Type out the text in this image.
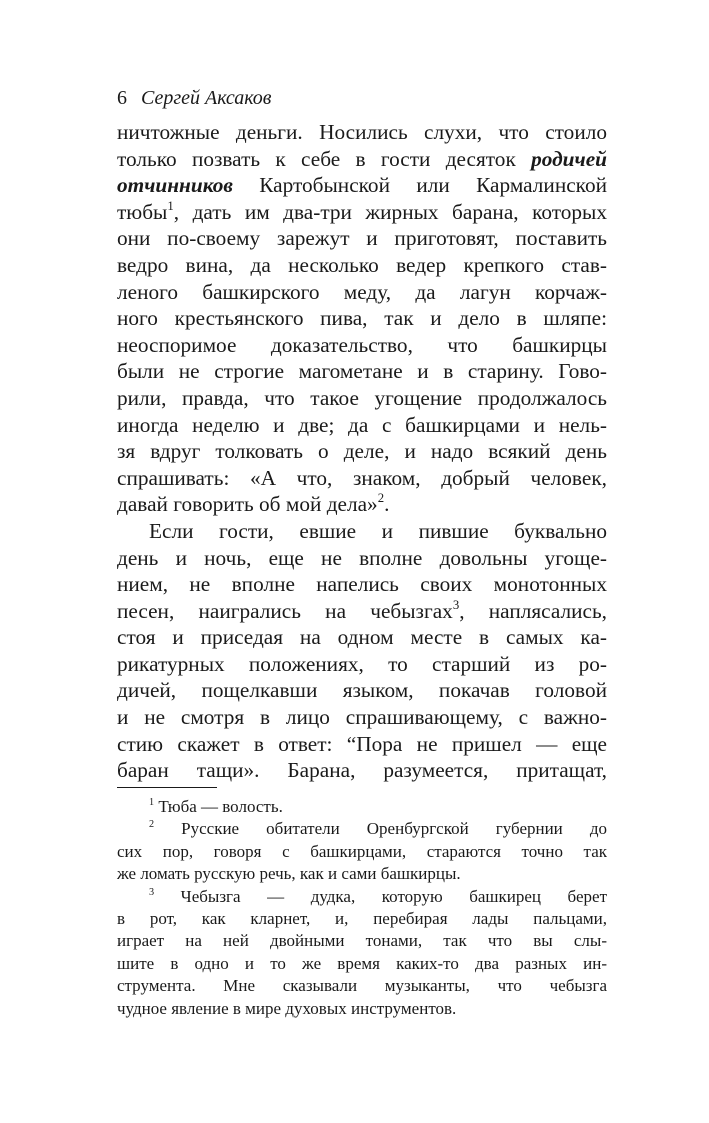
6 Сергей Аксаков
ничтожные деньги. Носились слухи, что стоило
только позвать к себе в гости десяток родичей
отчинников Картобынской или Кармалинской
тюбы$^1$, дать им два-три жирных барана, которых
они по-своему зарежут и приготовят, поставить
ведро вина, да несколько ведер крепкого став-
леного башкирского меду, да лагун корчаж-
ного крестьянского пива, так и дело в шляпе:
неоспоримое доказательство, что башкирцы
были не строгие магометане и в старину. Гово-
рили, правда, что такое угощение продолжалось
иногда неделю и две; да с башкирцами и нель-
зя вдруг толковать о деле, и надо всякий день
спрашивать: «А что, знаком, добрый человек,
давай говорить об мой дела»$^2$.
Если гости, евшие и пившие буквально
день и ночь, еще не вполне довольны угоще-
нием, не вполне напелись своих монотонных
песен, наигрались на чебызгах$^3$, наплясались,
стоя и приседая на одном месте в самых ка-
рикатурных положениях, то старший из ро-
дичей, пощелкавши языком, покачав головой
и не смотря в лицо спрашивающему, с важно-
стию скажет в ответ: “Пора не пришел — еще
баран тащи». Барана, разумеется, притащат,
$^1$ Тюба — волость.
$^2$ Русские обитатели Оренбургской губернии до
сих пор, говоря с башкирцами, стараются точно так
же ломать русскую речь, как и сами башкирцы.
$^3$ Чебызга — дудка, которую башкирец берет
в рот, как кларнет, и, перебирая лады пальцами,
играет на ней двойными тонами, так что вы слы-
шите в одно и то же время каких-то два разных ин-
струмента. Мне сказывали музыканты, что чебызга
чудное явление в мире духовых инструментов.
